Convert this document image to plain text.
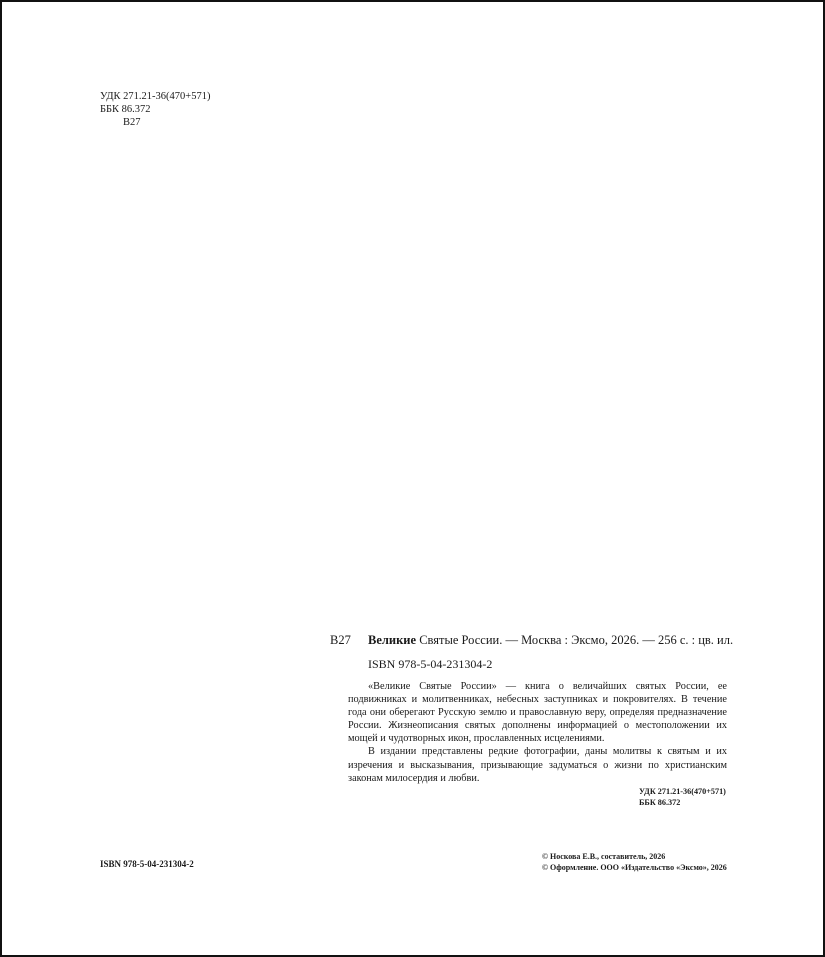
УДК 271.21-36(470+571)
ББК 86.372
В27
В27 Великие Святые России. — Москва : Эксмо, 2026. — 256 с. : цв. ил.
ISBN 978-5-04-231304-2

«Великие Святые России» — книга о величайших святых России, ее подвижниках и молитвенниках, небесных заступниках и покровителях. В течение года они оберегают Русскую землю и православную веру, определяя предназначение России. Жизнеописания святых дополнены информацией о местоположении их мощей и чудотворных икон, прославленных исцелениями.

В издании представлены редкие фотографии, даны молитвы к святым и их изречения и высказывания, призывающие задуматься о жизни по христианским законам милосердия и любви.

УДК 271.21-36(470+571)
ББК 86.372
ISBN 978-5-04-231304-2
© Носкова Е.В., составитель, 2026
© Оформление. ООО «Издательство «Эксмо», 2026
